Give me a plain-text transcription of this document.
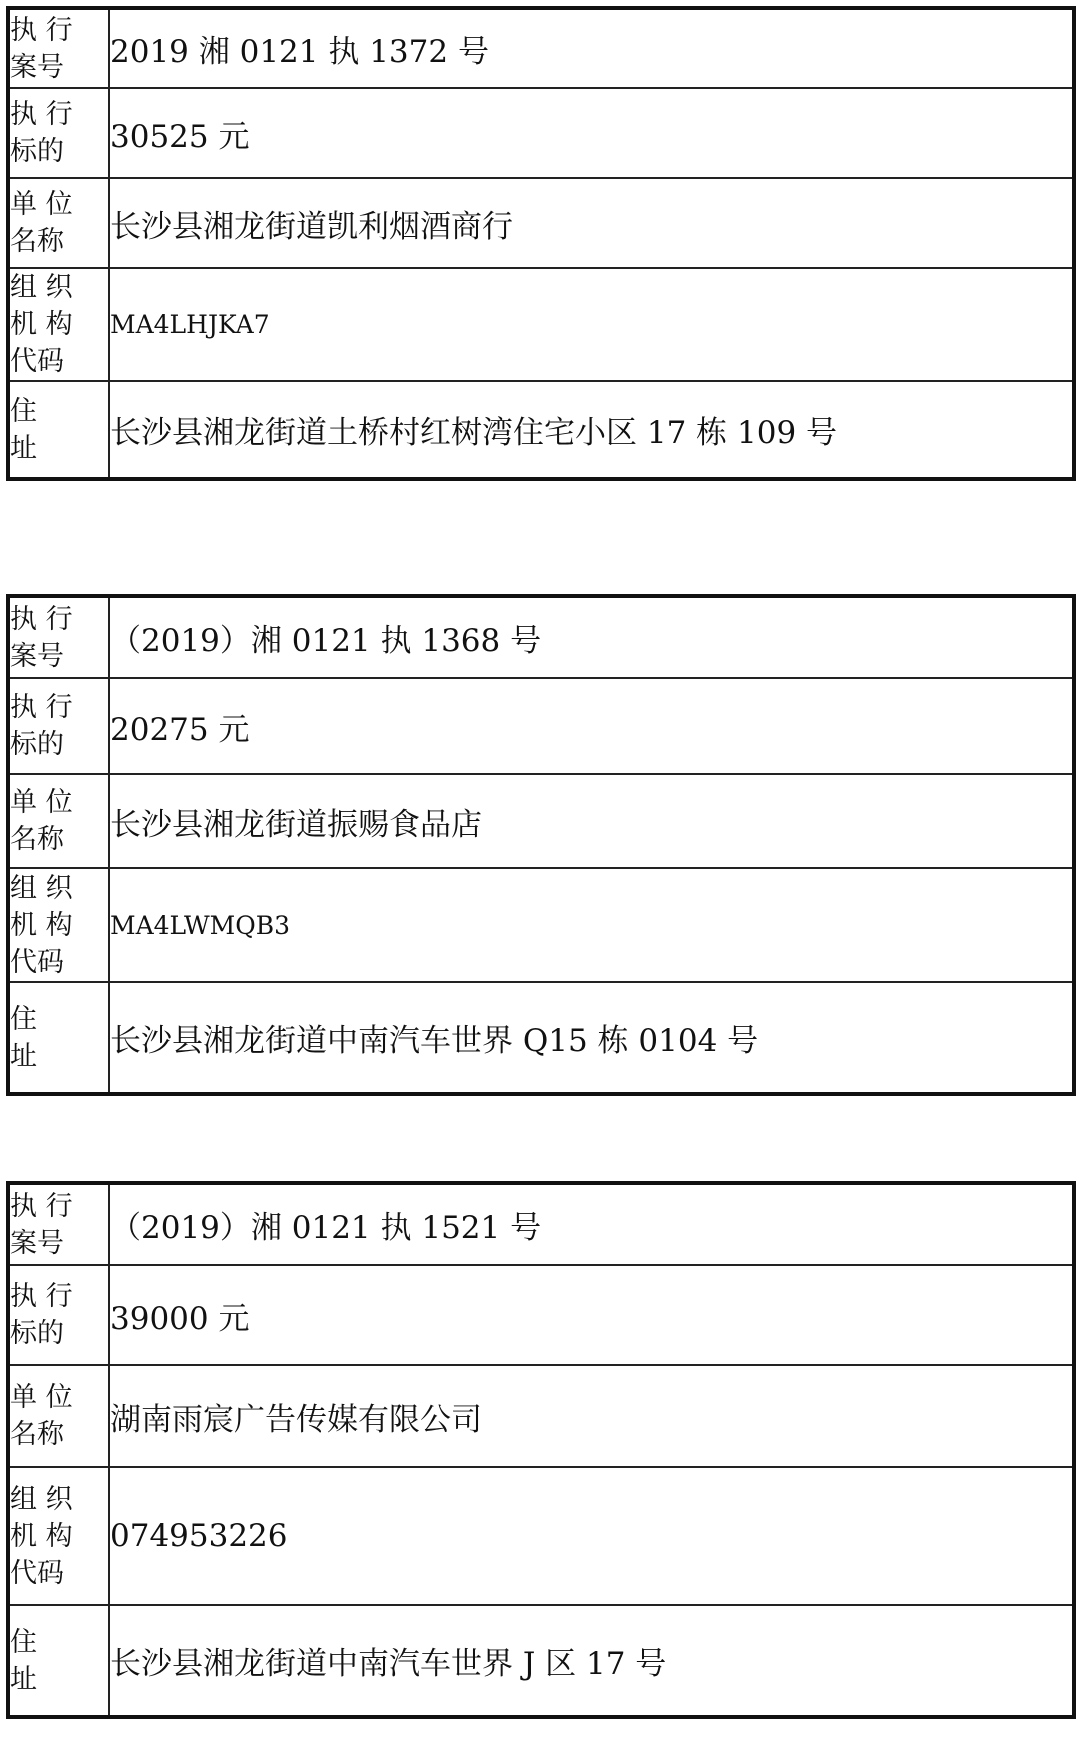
执 行
案号	2019 湘 0121 执 1372 号

执 行
标的	30525 元

单 位
名称	长沙县湘龙街道凯利烟酒商行

组 织
机 构
代码	MA4LHJKA7

住
址	长沙县湘龙街道土桥村红树湾住宅小区 17 栋 109 号
执 行
案号	（2019）湘 0121 执 1368 号

执 行
标的	20275 元

单 位
名称	长沙县湘龙街道振赐食品店

组 织
机 构
代码	MA4LWMQB3

住
址	长沙县湘龙街道中南汽车世界 Q15 栋 0104 号
执 行
案号	（2019）湘 0121 执 1521 号

执 行
标的	39000 元

单 位
名称	湖南雨宸广告传媒有限公司

组 织
机 构
代码	074953226

住
址	长沙县湘龙街道中南汽车世界 J 区 17 号
